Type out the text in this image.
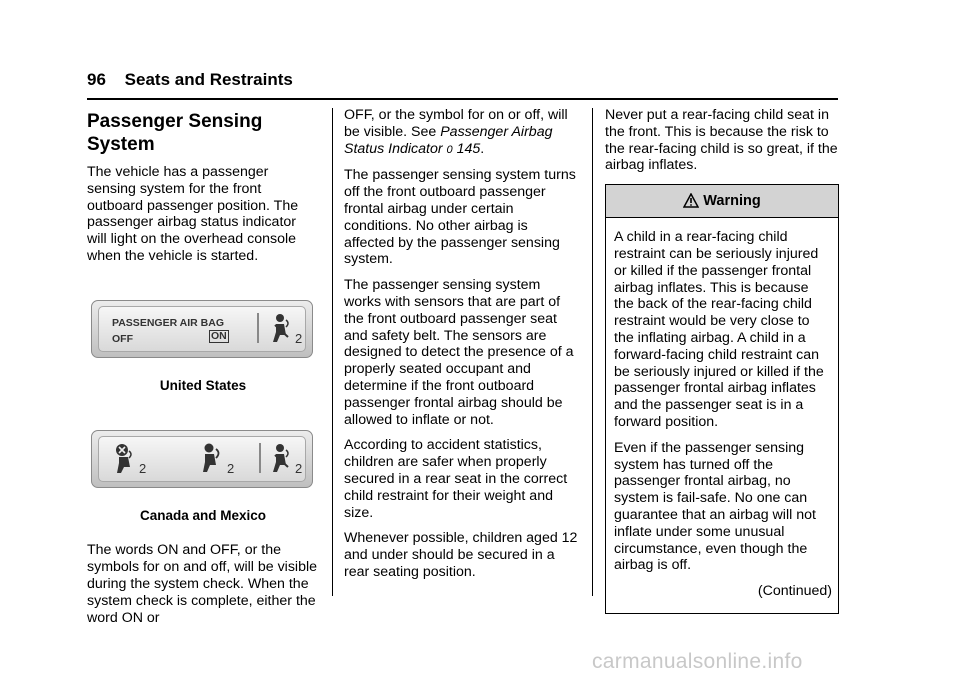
96 Seats and Restraints
Passenger Sensing System

The vehicle has a passenger sensing system for the front outboard passenger position. The passenger airbag status indicator will light on the overhead console when the vehicle is started.

PASSENGER AIR BAG
OFF	ON	2

United States

2	2	2

Canada and Mexico

The words ON and OFF, or the symbols for on and off, will be visible during the system check. When the system check is complete, either the word ON or

OFF, or the symbol for on or off, will be visible. See Passenger Airbag Status Indicator 0 145.

The passenger sensing system turns off the front outboard passenger frontal airbag under certain conditions. No other airbag is affected by the passenger sensing system.

The passenger sensing system works with sensors that are part of the front outboard passenger seat and safety belt. The sensors are designed to detect the presence of a properly seated occupant and determine if the front outboard passenger frontal airbag should be allowed to inflate or not.

According to accident statistics, children are safer when properly secured in a rear seat in the correct child restraint for their weight and size.

Whenever possible, children aged 12 and under should be secured in a rear seating position.

Never put a rear-facing child seat in the front. This is because the risk to the rear-facing child is so great, if the airbag inflates.

Warning

A child in a rear-facing child restraint can be seriously injured or killed if the passenger frontal airbag inflates. This is because the back of the rear-facing child restraint would be very close to the inflating airbag. A child in a forward-facing child restraint can be seriously injured or killed if the passenger frontal airbag inflates and the passenger seat is in a forward position.

Even if the passenger sensing system has turned off the passenger frontal airbag, no system is fail-safe. No one can guarantee that an airbag will not inflate under some unusual circumstance, even though the airbag is off.

(Continued)

carmanualsonline.info
